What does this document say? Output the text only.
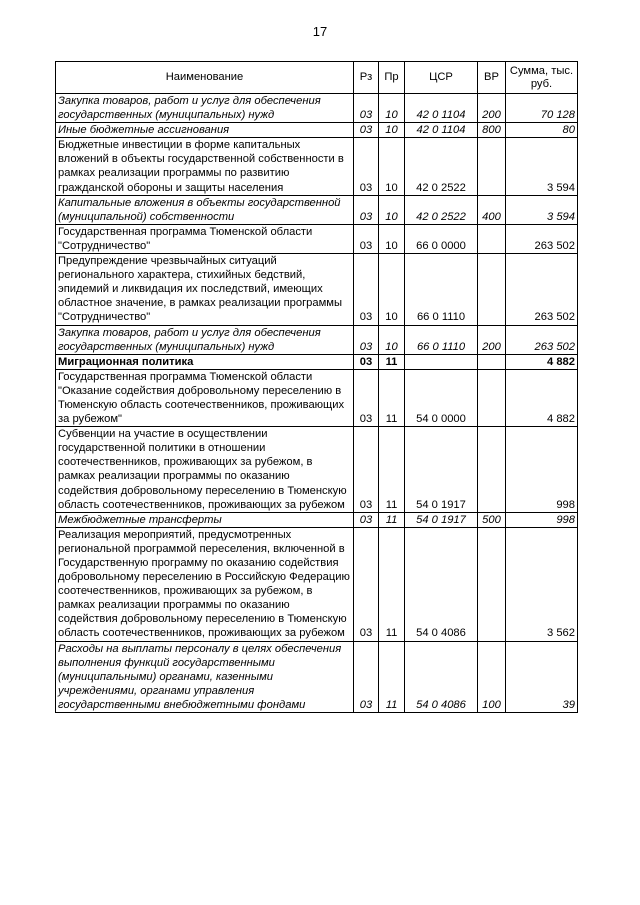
17
Наименование	Рз	Пр	ЦСР	ВР	Сумма, тыс. руб.
Закупка товаров, работ и услуг для обеспечения государственных (муниципальных) нужд	03	10	42 0 1104	200	70 128
Иные бюджетные ассигнования	03	10	42 0 1104	800	80
Бюджетные инвестиции в форме капитальных вложений в объекты государственной собственности в рамках реализации программы по развитию гражданской обороны и защиты населения	03	10	42 0 2522		3 594
Капитальные вложения в объекты государственной (муниципальной) собственности	03	10	42 0 2522	400	3 594
Государственная программа Тюменской области "Сотрудничество"	03	10	66 0 0000		263 502
Предупреждение чрезвычайных ситуаций регионального характера, стихийных бедствий, эпидемий и ликвидация их последствий, имеющих областное значение, в рамках реализации программы "Сотрудничество"	03	10	66 0 1110		263 502
Закупка товаров, работ и услуг для обеспечения государственных (муниципальных) нужд	03	10	66 0 1110	200	263 502
Миграционная политика	03	11			4 882
Государственная программа Тюменской области "Оказание содействия добровольному переселению в Тюменскую область соотечественников, проживающих за рубежом"	03	11	54 0 0000		4 882
Субвенции на участие в осуществлении государственной политики в отношении соотечественников, проживающих за рубежом, в рамках реализации программы по оказанию содействия добровольному переселению в Тюменскую область соотечественников, проживающих за рубежом	03	11	54 0 1917		998
Межбюджетные трансферты	03	11	54 0 1917	500	998
Реализация мероприятий, предусмотренных региональной программой переселения, включенной в Государственную программу по оказанию содействия добровольному переселению в Российскую Федерацию соотечественников, проживающих за рубежом, в рамках реализации программы по оказанию содействия добровольному переселению в Тюменскую область соотечественников, проживающих за рубежом	03	11	54 0 4086		3 562
Расходы на выплаты персоналу в целях обеспечения выполнения функций государственными (муниципальными) органами, казенными учреждениями, органами управления государственными внебюджетными фондами	03	11	54 0 4086	100	39
